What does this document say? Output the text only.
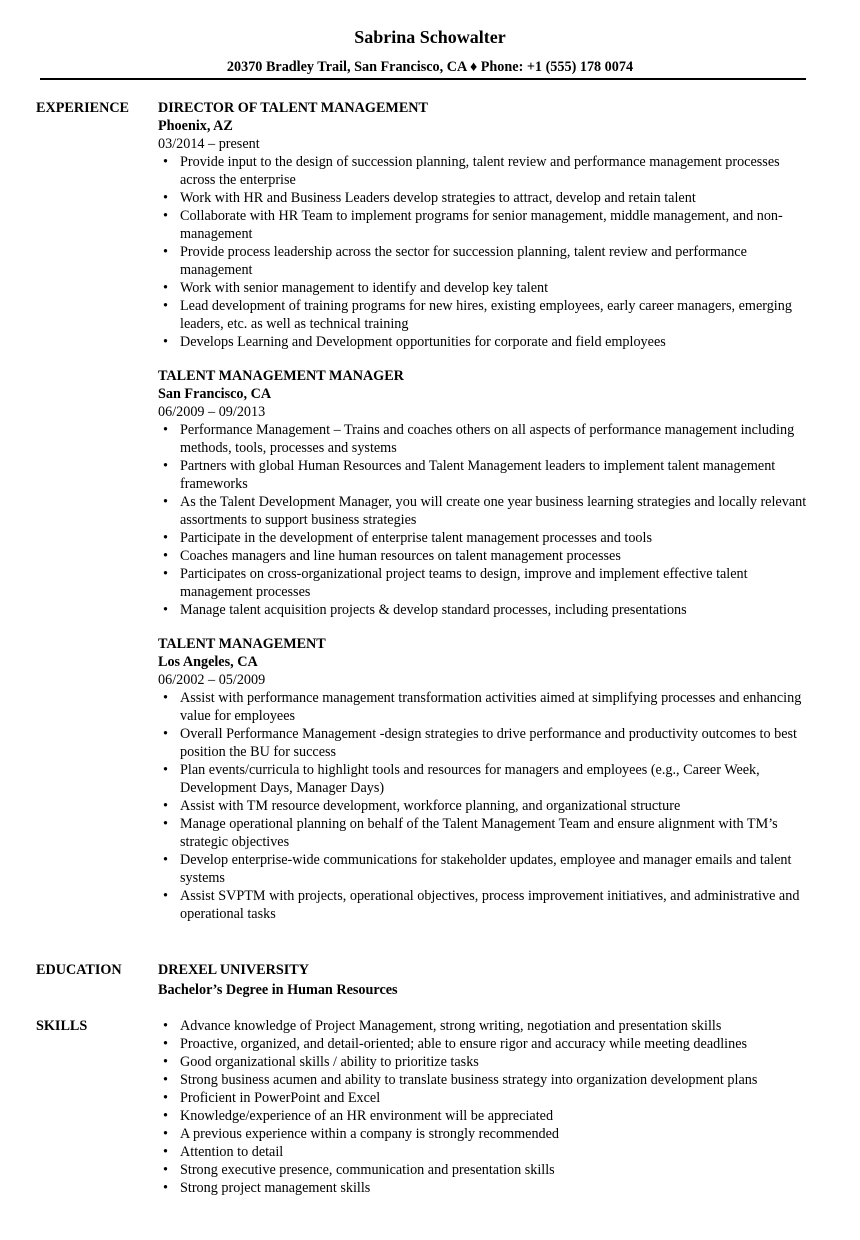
Sabrina Schowalter
20370 Bradley Trail, San Francisco, CA ♦ Phone: +1 (555) 178 0074
EXPERIENCE DIRECTOR OF TALENT MANAGEMENT
Phoenix, AZ
03/2014 – present
• Provide input to the design of succession planning, talent review and performance management processes across the enterprise
• Work with HR and Business Leaders develop strategies to attract, develop and retain talent
• Collaborate with HR Team to implement programs for senior management, middle management, and non-management
• Provide process leadership across the sector for succession planning, talent review and performance management
• Work with senior management to identify and develop key talent
• Lead development of training programs for new hires, existing employees, early career managers, emerging leaders, etc. as well as technical training
• Develops Learning and Development opportunities for corporate and field employees
TALENT MANAGEMENT MANAGER
San Francisco, CA
06/2009 – 09/2013
• Performance Management – Trains and coaches others on all aspects of performance management including methods, tools, processes and systems
• Partners with global Human Resources and Talent Management leaders to implement talent management frameworks
• As the Talent Development Manager, you will create one year business learning strategies and locally relevant assortments to support business strategies
• Participate in the development of enterprise talent management processes and tools
• Coaches managers and line human resources on talent management processes
• Participates on cross-organizational project teams to design, improve and implement effective talent management processes
• Manage talent acquisition projects & develop standard processes, including presentations
TALENT MANAGEMENT
Los Angeles, CA
06/2002 – 05/2009
• Assist with performance management transformation activities aimed at simplifying processes and enhancing value for employees
• Overall Performance Management -design strategies to drive performance and productivity outcomes to best position the BU for success
• Plan events/curricula to highlight tools and resources for managers and employees (e.g., Career Week, Development Days, Manager Days)
• Assist with TM resource development, workforce planning, and organizational structure
• Manage operational planning on behalf of the Talent Management Team and ensure alignment with TM’s strategic objectives
• Develop enterprise-wide communications for stakeholder updates, employee and manager emails and talent systems
• Assist SVPTM with projects, operational objectives, process improvement initiatives, and administrative and operational tasks
EDUCATION	DREXEL UNIVERSITY
Bachelor’s Degree in Human Resources
SKILLS
•	Advance knowledge of Project Management, strong writing, negotiation and presentation skills
• Proactive, organized, and detail-oriented; able to ensure rigor and accuracy while meeting deadlines
• Good organizational skills / ability to prioritize tasks
• Strong business acumen and ability to translate business strategy into organization development plans
• Proficient in PowerPoint and Excel
• Knowledge/experience of an HR environment will be appreciated
• A previous experience within a company is strongly recommended
• Attention to detail
• Strong executive presence, communication and presentation skills
• Strong project management skills
